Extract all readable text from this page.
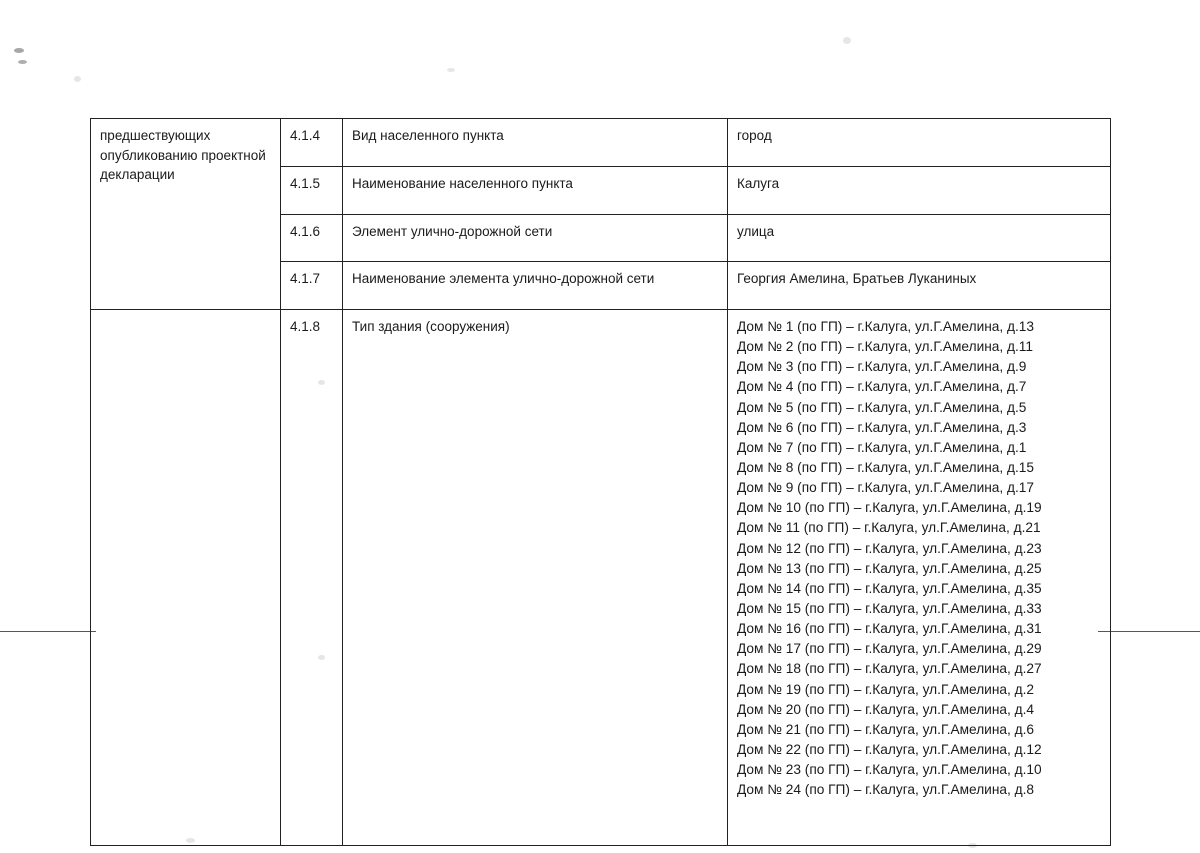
предшествующих опубликованию проектной декларации	4.1.4	Вид населенного пункта	город
	4.1.5	Наименование населенного пункта	Калуга
	4.1.6	Элемент улично-дорожной сети	улица
	4.1.7	Наименование элемента улично-дорожной сети	Георгия Амелина, Братьев Луканиных
	4.1.8	Тип здания (сооружения)	Дом № 1 (по ГП) – г.Калуга, ул.Г.Амелина, д.13
Дом № 2 (по ГП) – г.Калуга, ул.Г.Амелина, д.11
Дом № 3 (по ГП) – г.Калуга, ул.Г.Амелина, д.9
Дом № 4 (по ГП) – г.Калуга, ул.Г.Амелина, д.7
Дом № 5 (по ГП) – г.Калуга, ул.Г.Амелина, д.5
Дом № 6 (по ГП) – г.Калуга, ул.Г.Амелина, д.3
Дом № 7 (по ГП) – г.Калуга, ул.Г.Амелина, д.1
Дом № 8 (по ГП) – г.Калуга, ул.Г.Амелина, д.15
Дом № 9 (по ГП) – г.Калуга, ул.Г.Амелина, д.17
Дом № 10 (по ГП) – г.Калуга, ул.Г.Амелина, д.19
Дом № 11 (по ГП) – г.Калуга, ул.Г.Амелина, д.21
Дом № 12 (по ГП) – г.Калуга, ул.Г.Амелина, д.23
Дом № 13 (по ГП) – г.Калуга, ул.Г.Амелина, д.25
Дом № 14 (по ГП) – г.Калуга, ул.Г.Амелина, д.35
Дом № 15 (по ГП) – г.Калуга, ул.Г.Амелина, д.33
Дом № 16 (по ГП) – г.Калуга, ул.Г.Амелина, д.31
Дом № 17 (по ГП) – г.Калуга, ул.Г.Амелина, д.29
Дом № 18 (по ГП) – г.Калуга, ул.Г.Амелина, д.27
Дом № 19 (по ГП) – г.Калуга, ул.Г.Амелина, д.2
Дом № 20 (по ГП) – г.Калуга, ул.Г.Амелина, д.4
Дом № 21 (по ГП) – г.Калуга, ул.Г.Амелина, д.6
Дом № 22 (по ГП) – г.Калуга, ул.Г.Амелина, д.12
Дом № 23 (по ГП) – г.Калуга, ул.Г.Амелина, д.10
Дом № 24 (по ГП) – г.Калуга, ул.Г.Амелина, д.8
